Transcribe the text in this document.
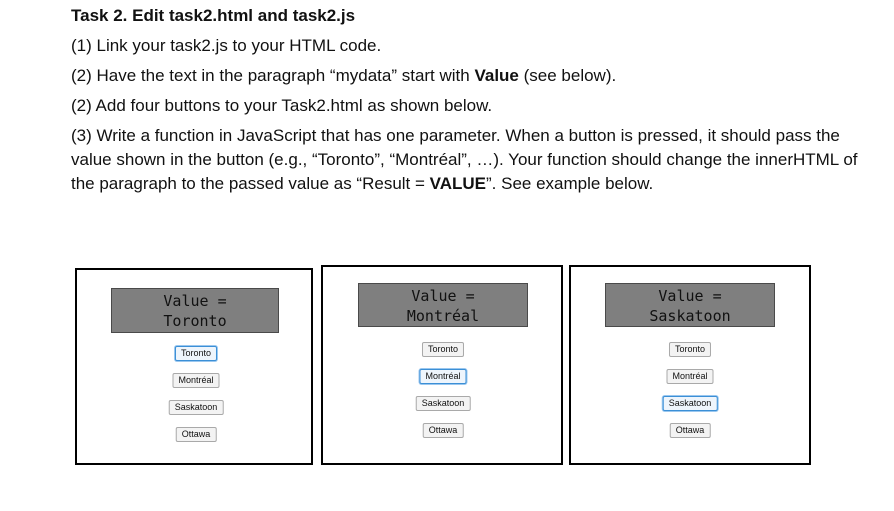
Task 2. Edit task2.html and task2.js
(1) Link your task2.js to your HTML code.
(2) Have the text in the paragraph “mydata” start with Value (see below).
(2) Add four buttons to your Task2.html as shown below.
(3) Write a function in JavaScript that has one parameter. When a button is pressed, it should pass the value shown in the button (e.g., “Toronto”, “Montréal”, …). Your function should change the innerHTML of the paragraph to the passed value as “Result = VALUE”. See example below.
Value =
Toronto
Toronto
Montréal
Saskatoon
Ottawa
Value =
Montréal
Toronto
Montréal
Saskatoon
Ottawa
Value =
Saskatoon
Toronto
Montréal
Saskatoon
Ottawa
